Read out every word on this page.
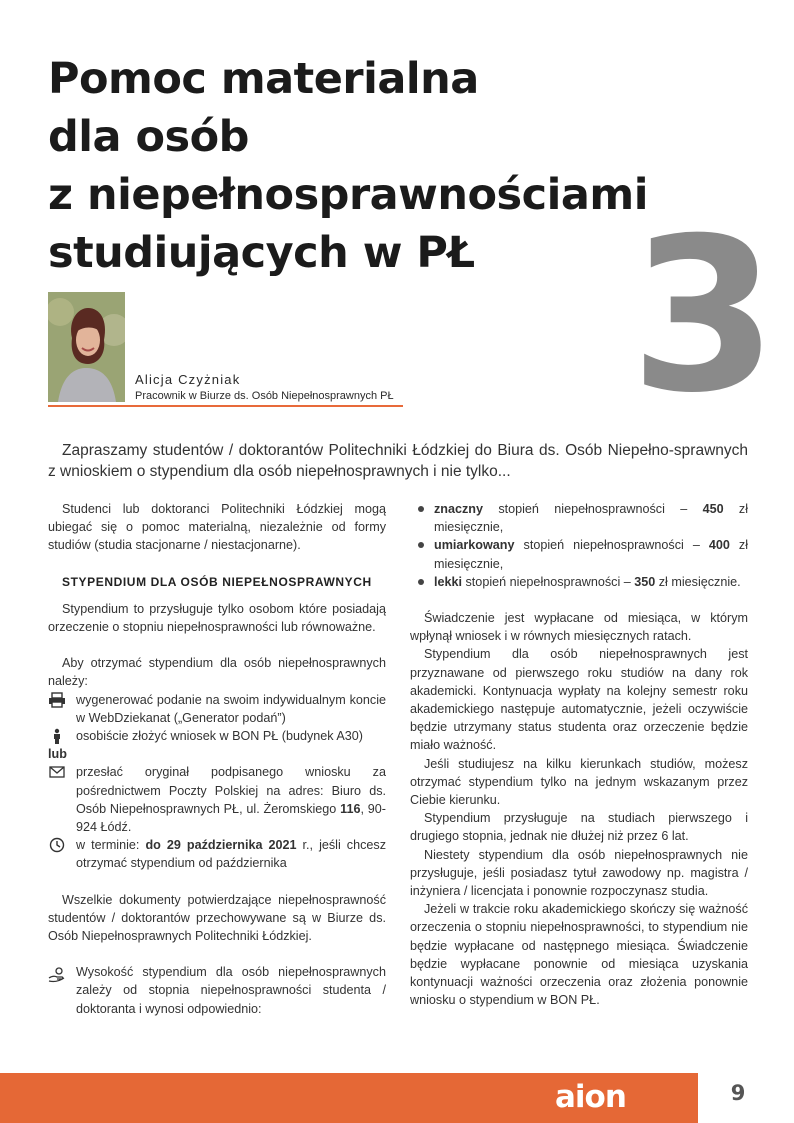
Pomoc materialna
dla osób
z niepełnosprawnościami
studiujących w PŁ 3
Alicja Czyżniak
Pracownik w Biurze ds. Osób Niepełnosprawnych PŁ

Zapraszamy studentów / doktorantów Politechniki Łódzkiej do Biura ds. Osób Niepełno-sprawnych z wnioskiem o stypendium dla osób niepełnosprawnych i nie tylko...

Studenci lub doktoranci Politechniki Łódzkiej mogą ubiegać się o pomoc materialną, niezależnie od formy studiów (studia stacjonarne / niestacjonarne).

STYPENDIUM DLA OSÓB NIEPEŁNOSPRAWNYCH

Stypendium to przysługuje tylko osobom które posiadają orzeczenie o stopniu niepełnosprawności lub równoważne.

Aby otrzymać stypendium dla osób niepełnosprawnych należy:

wygenerować podanie na swoim indywidualnym koncie w WebDziekanat („Generator podań”)
osobiście złożyć wniosek w BON PŁ (budynek A30)
lub
przesłać oryginał podpisanego wniosku za pośrednictwem Poczty Polskiej na adres: Biuro ds. Osób Niepełnosprawnych PŁ, ul. Żeromskiego 116, 90-924 Łódź.
w terminie: do 29 października 2021 r., jeśli chcesz otrzymać stypendium od października

Wszelkie dokumenty potwierdzające niepełnosprawność studentów / doktorantów przechowywane są w Biurze ds. Osób Niepełnosprawnych Politechniki Łódzkiej.

Wysokość stypendium dla osób niepełnosprawnych zależy od stopnia niepełnosprawności studenta / doktoranta i wynosi odpowiednio:
znaczny stopień niepełnosprawności – 450 zł miesięcznie,
umiarkowany stopień niepełnosprawności – 400 zł miesięcznie,
lekki stopień niepełnosprawności – 350 zł miesięcznie.

Świadczenie jest wypłacane od miesiąca, w którym wpłynął wniosek i w równych miesięcznych ratach.

Stypendium dla osób niepełnosprawnych jest przyznawane od pierwszego roku studiów na dany rok akademicki. Kontynuacja wypłaty na kolejny semestr roku akademickiego następuje automatycznie, jeżeli oczywiście będzie utrzymany status studenta oraz orzeczenie będzie miało ważność.

Jeśli studiujesz na kilku kierunkach studiów, możesz otrzymać stypendium tylko na jednym wskazanym przez Ciebie kierunku.

Stypendium przysługuje na studiach pierwszego i drugiego stopnia, jednak nie dłużej niż przez 6 lat.

Niestety stypendium dla osób niepełnosprawnych nie przysługuje, jeśli posiadasz tytuł zawodowy np. magistra / inżyniera / licencjata i ponownie rozpoczynasz studia.

Jeżeli w trakcie roku akademickiego skończy się ważność orzeczenia o stopniu niepełnosprawności, to stypendium nie będzie wypłacane od następnego miesiąca. Świadczenie będzie wypłacane ponownie od miesiąca uzyskania kontynuacji ważności orzeczenia oraz złożenia ponownie wniosku o stypendium w BON PŁ.

aion	9
